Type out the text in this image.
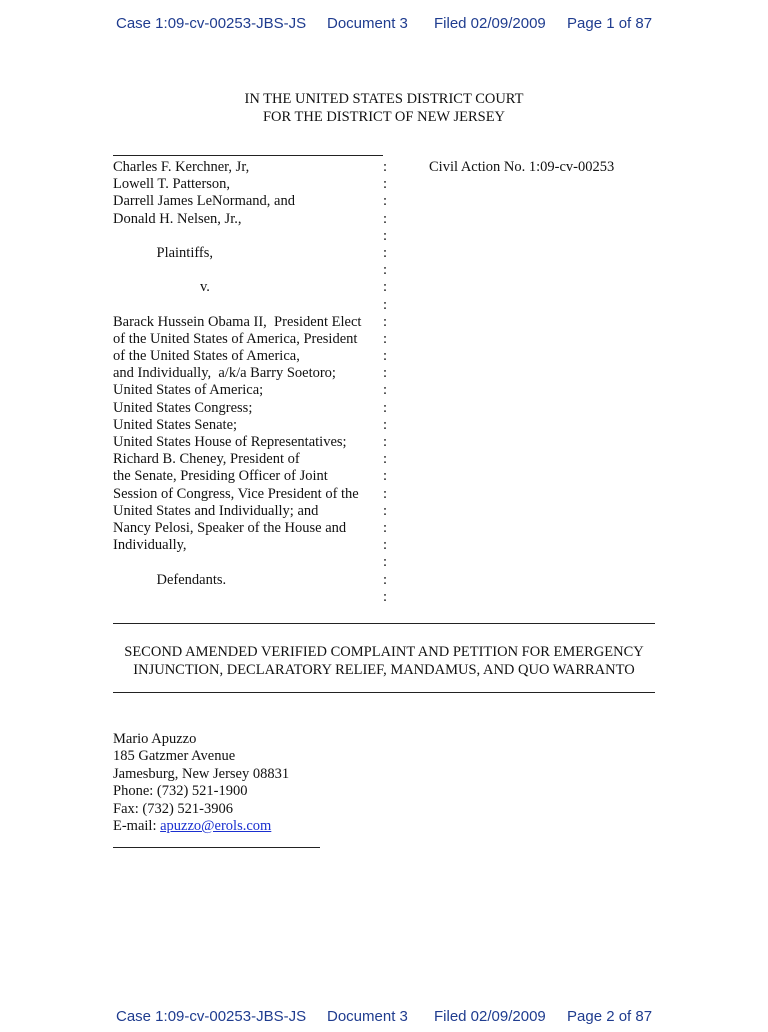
Case 1:09-cv-00253-JBS-JS Document 3 Filed 02/09/2009 Page 1 of 87
IN THE UNITED STATES DISTRICT COURT
FOR THE DISTRICT OF NEW JERSEY
Charles F. Kerchner, Jr,
Lowell T. Patterson,
Darrell James LeNormand, and
Donald H. Nelsen, Jr.,
Plaintiffs,
v.
Barack Hussein Obama II,  President Elect
of the United States of America, President
of the United States of America,
and Individually,  a/k/a Barry Soetoro;
United States of America;
United States Congress;
United States Senate;
United States House of Representatives;
Richard B. Cheney, President of
the Senate, Presiding Officer of Joint
Session of Congress, Vice President of the
United States and Individually; and
Nancy Pelosi, Speaker of the House and
Individually,
Defendants.
:
:
:
:
:
:
:
:
:
:
:
:
:
:
:
:
:
:
:
:
:
:
:
:
:
:
Civil Action No. 1:09-cv-00253
SECOND AMENDED VERIFIED COMPLAINT AND PETITION FOR EMERGENCY
INJUNCTION, DECLARATORY RELIEF, MANDAMUS, AND QUO WARRANTO
Mario Apuzzo
185 Gatzmer Avenue
Jamesburg, New Jersey 08831
Phone: (732) 521-1900
Fax: (732) 521-3906
E-mail: apuzzo@erols.com
Case 1:09-cv-00253-JBS-JS Document 3 Filed 02/09/2009 Page 2 of 87
